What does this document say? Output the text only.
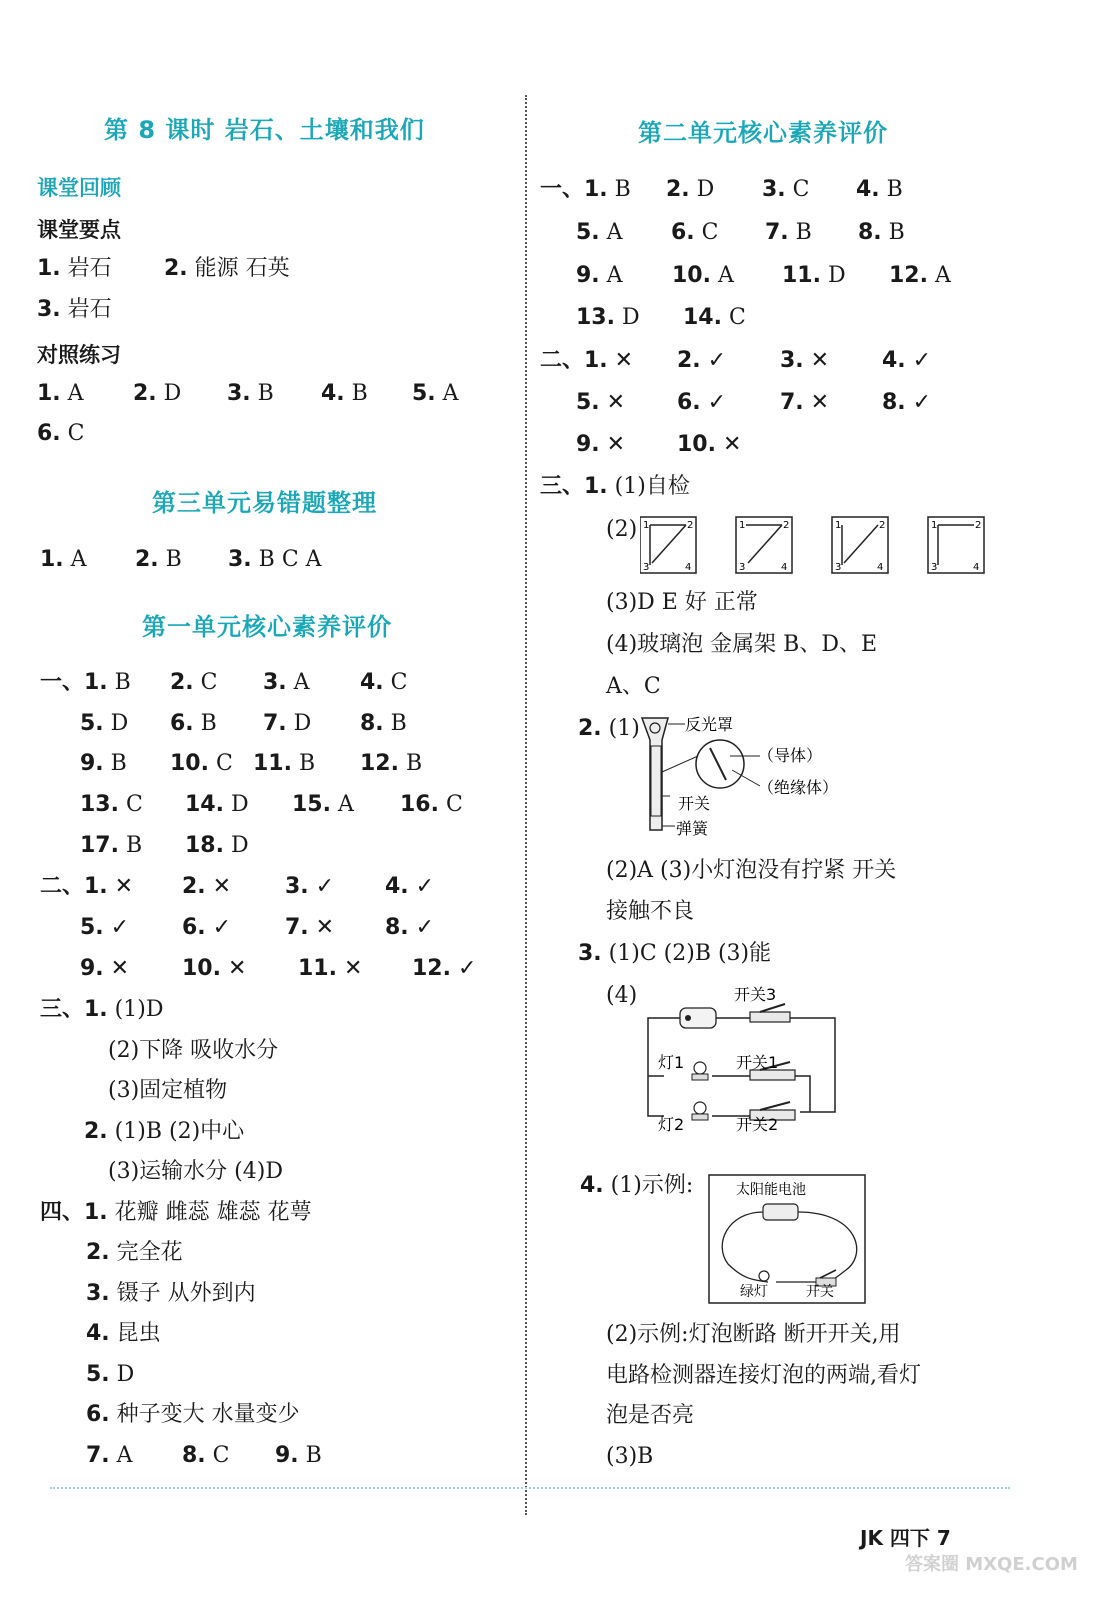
第 8 课时 岩石、土壤和我们
课堂回顾
课堂要点
1. 岩石 2. 能源 石英
3. 岩石
对照练习
1. A 2. D 3. B 4. B 5. A
6. C
第三单元易错题整理
1. A 2. B 3. B C A
第一单元核心素养评价
一、1. B 2. C 3. A 4. C
5. D 6. B 7. D 8. B
9. B 10. C 11. B 12. B
13. C 14. D 15. A 16. C
17. B 18. D
二、1. ✕ 2. ✕ 3. ✓ 4. ✓
5. ✓ 6. ✓ 7. ✕ 8. ✓
9. ✕ 10. ✕ 11. ✕ 12. ✓
三、1. (1)D
(2)下降 吸收水分
(3)固定植物
2. (1)B (2)中心
(3)运输水分 (4)D
四、1. 花瓣 雌蕊 雄蕊 花萼
2. 完全花
3. 镊子 从外到内
4. 昆虫
5. D
6. 种子变大 水量变少
7. A 8. C 9. B
第二单元核心素养评价
一、1. B 2. D 3. C 4. B
5. A 6. C 7. B 8. B
9. A 10. A 11. D 12. A
13. D 14. C
二、1. ✕ 2. ✓ 3. ✕ 4. ✓
5. ✕ 6. ✓ 7. ✕ 8. ✓
9. ✕ 10. ✕
三、1. (1)自检
(2) 1	2
3	4
1	2
3	4
1	2
3	4
1	2
3	4
(3)D E 好 正常
(4)玻璃泡 金属架 B、D、E
A、C
2. (1)	反光罩
（导体）
（绝缘体）
开关
弹簧
(2)A (3)小灯泡没有拧紧 开关
接触不良
3. (1)C (2)B (3)能
(4)	开关3
灯1	开关1
灯2	开关2
4. (1)示例:	太阳能电池
绿灯	开关
(2)示例:灯泡断路 断开开关,用
电路检测器连接灯泡的两端,看灯
泡是否亮
(3)B
JK 四下 7
答案圈 MXQE.COM
